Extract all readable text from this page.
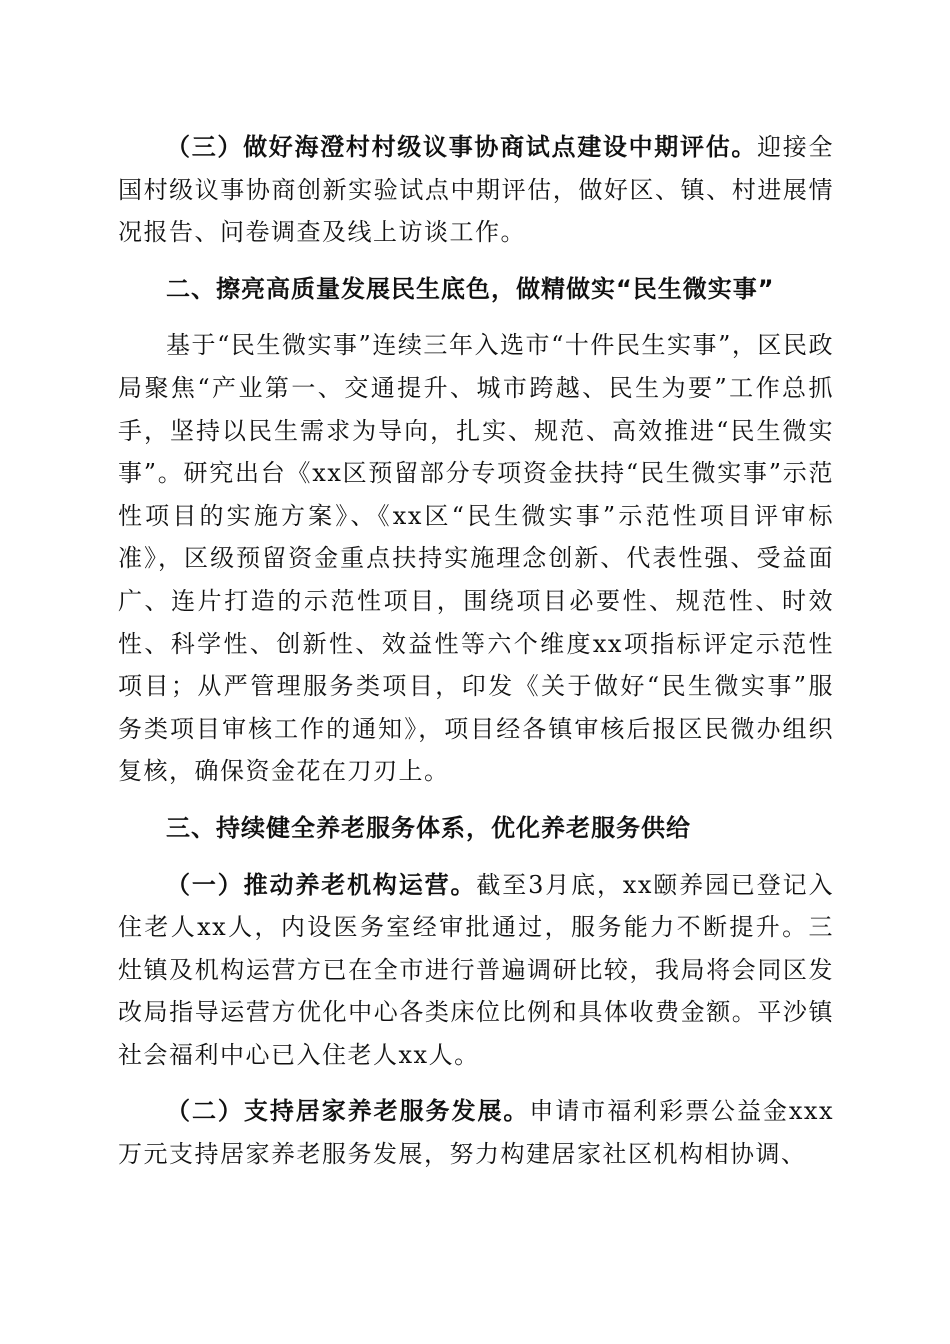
（三）做好海澄村村级议事协商试点建设中期评估。迎接全国村级议事协商创新实验试点中期评估，做好区、镇、村进展情况报告、问卷调查及线上访谈工作。

二、擦亮高质量发展民生底色，做精做实“民生微实事”

基于“民生微实事”连续三年入选市“十件民生实事”，区民政局聚焦“产业第一、交通提升、城市跨越、民生为要”工作总抓手，坚持以民生需求为导向，扎实、规范、高效推进“民生微实事”。研究出台《xx区预留部分专项资金扶持“民生微实事”示范性项目的实施方案》、《xx区“民生微实事”示范性项目评审标准》，区级预留资金重点扶持实施理念创新、代表性强、受益面广、连片打造的示范性项目，围绕项目必要性、规范性、时效性、科学性、创新性、效益性等六个维度xx项指标评定示范性项目；从严管理服务类项目，印发《关于做好“民生微实事”服务类项目审核工作的通知》，项目经各镇审核后报区民微办组织复核，确保资金花在刀刃上。

三、持续健全养老服务体系，优化养老服务供给

（一）推动养老机构运营。截至3月底，xx颐养园已登记入住老人xx人，内设医务室经审批通过，服务能力不断提升。三灶镇及机构运营方已在全市进行普遍调研比较，我局将会同区发改局指导运营方优化中心各类床位比例和具体收费金额。平沙镇社会福利中心已入住老人xx人。

（二）支持居家养老服务发展。申请市福利彩票公益金xxx万元支持居家养老服务发展，努力构建居家社区机构相协调、
